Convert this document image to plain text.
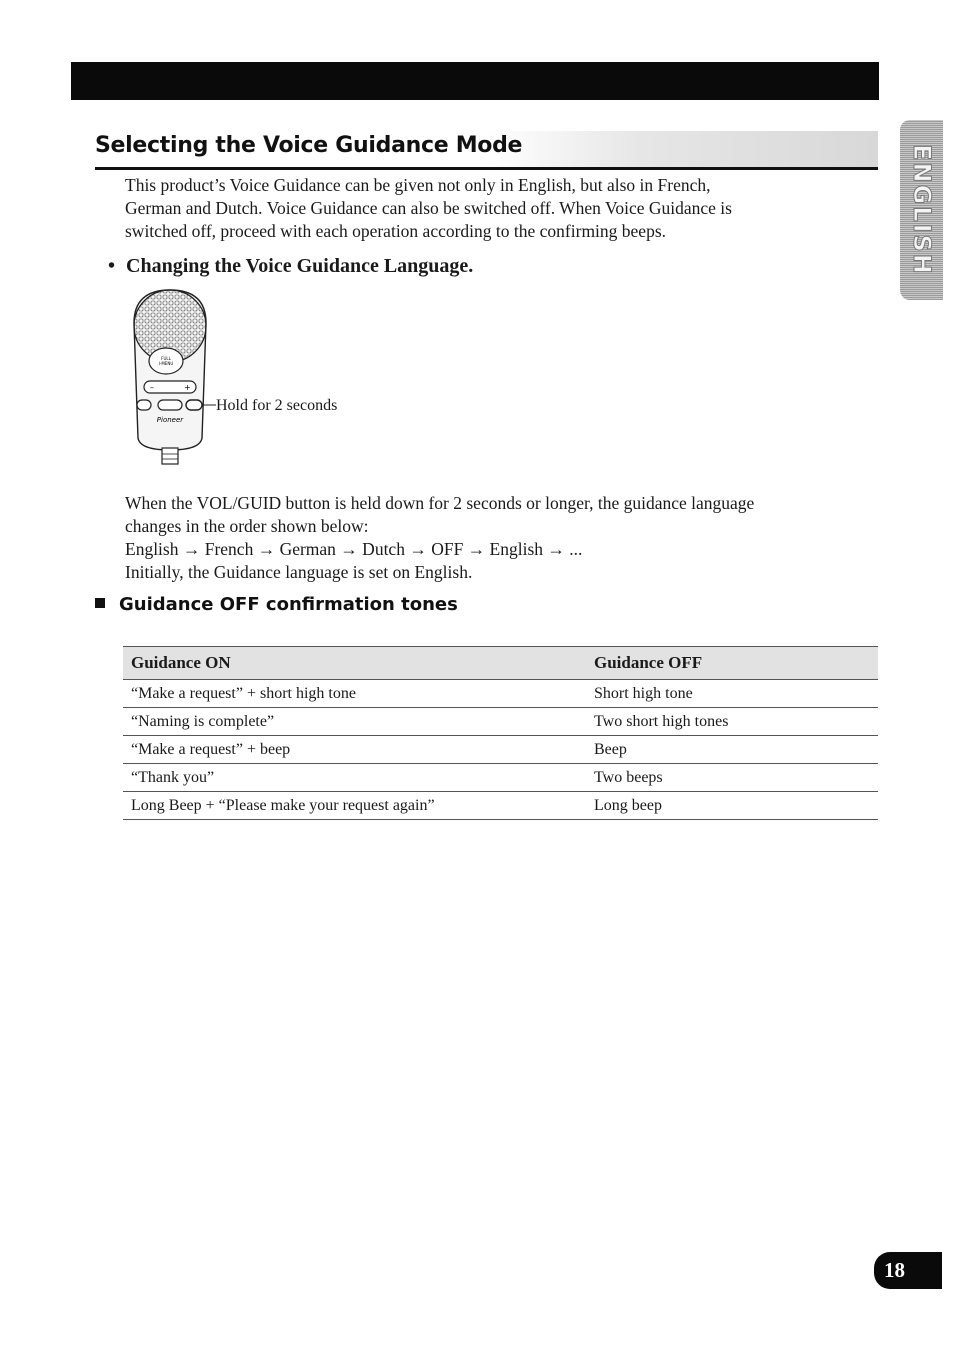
ENGLISH
Selecting the Voice Guidance Mode

This product’s Voice Guidance can be given not only in English, but also in French,

German and Dutch. Voice Guidance can also be switched off. When Voice Guidance is

switched off, proceed with each operation according to the confirming beeps.

• Changing the Voice Guidance Language.
FULL
I-MENU
–	+
Pioneer
Hold for 2 seconds

When the VOL/GUID button is held down for 2 seconds or longer, the guidance language

changes in the order shown below:

English → French → German → Dutch → OFF → English → ...

Initially, the Guidance language is set on English.

Guidance OFF confirmation tones
Guidance ON	Guidance OFF
“Make a request” + short high tone	Short high tone
“Naming is complete”	Two short high tones
“Make a request” + beep	Beep
“Thank you”	Two beeps
Long Beep + “Please make your request again”	Long beep
18
